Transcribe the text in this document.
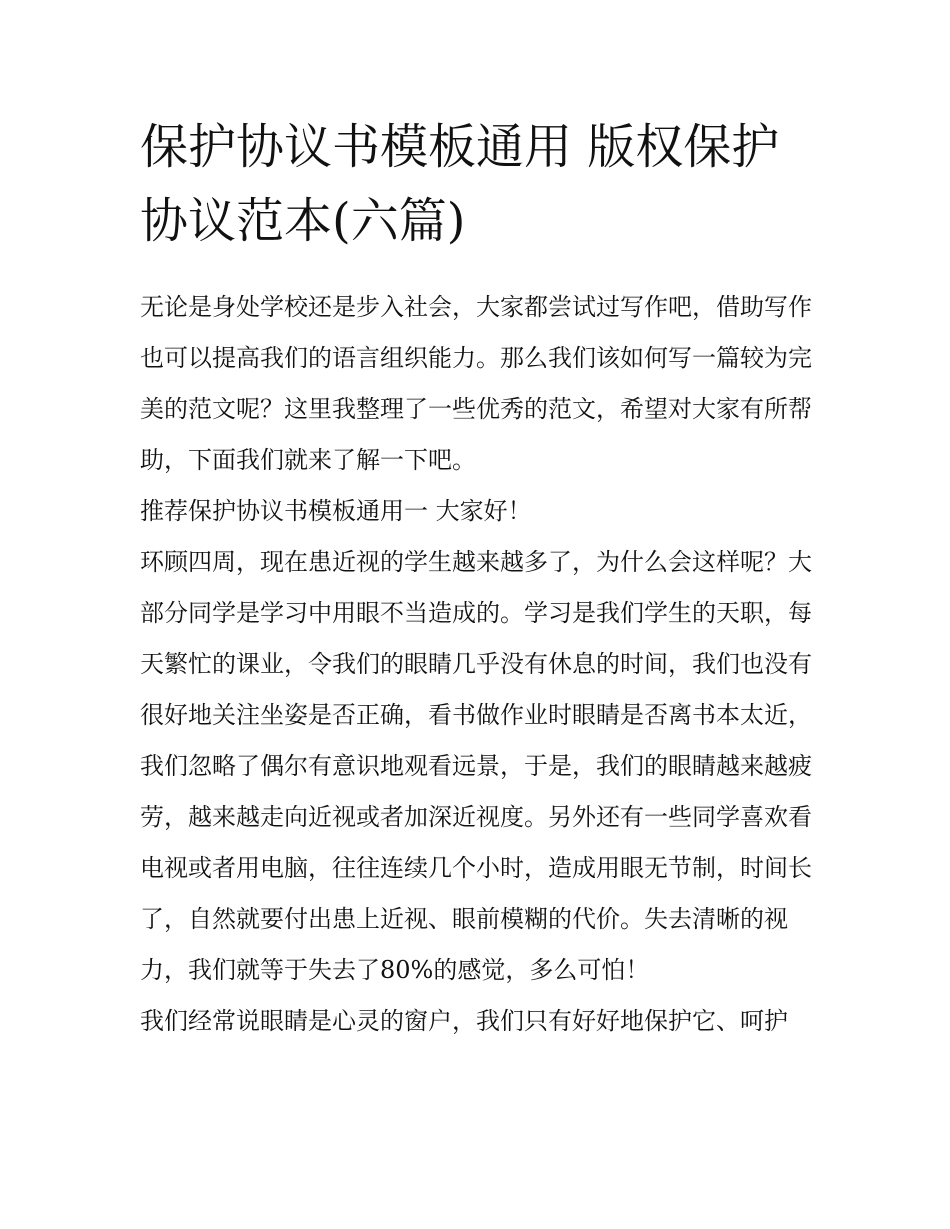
保护协议书模板通用 版权保护协议范本(六篇)

无论是身处学校还是步入社会，大家都尝试过写作吧，借助写作也可以提高我们的语言组织能力。那么我们该如何写一篇较为完美的范文呢？这里我整理了一些优秀的范文，希望对大家有所帮助，下面我们就来了解一下吧。

推荐保护协议书模板通用一 大家好！

环顾四周，现在患近视的学生越来越多了，为什么会这样呢？大部分同学是学习中用眼不当造成的。学习是我们学生的天职，每天繁忙的课业，令我们的眼睛几乎没有休息的时间，我们也没有很好地关注坐姿是否正确，看书做作业时眼睛是否离书本太近，我们忽略了偶尔有意识地观看远景，于是，我们的眼睛越来越疲劳，越来越走向近视或者加深近视度。另外还有一些同学喜欢看电视或者用电脑，往往连续几个小时，造成用眼无节制，时间长了，自然就要付出患上近视、眼前模糊的代价。失去清晰的视力，我们就等于失去了80%的感觉，多么可怕！

我们经常说眼睛是心灵的窗户，我们只有好好地保护它、呵护
